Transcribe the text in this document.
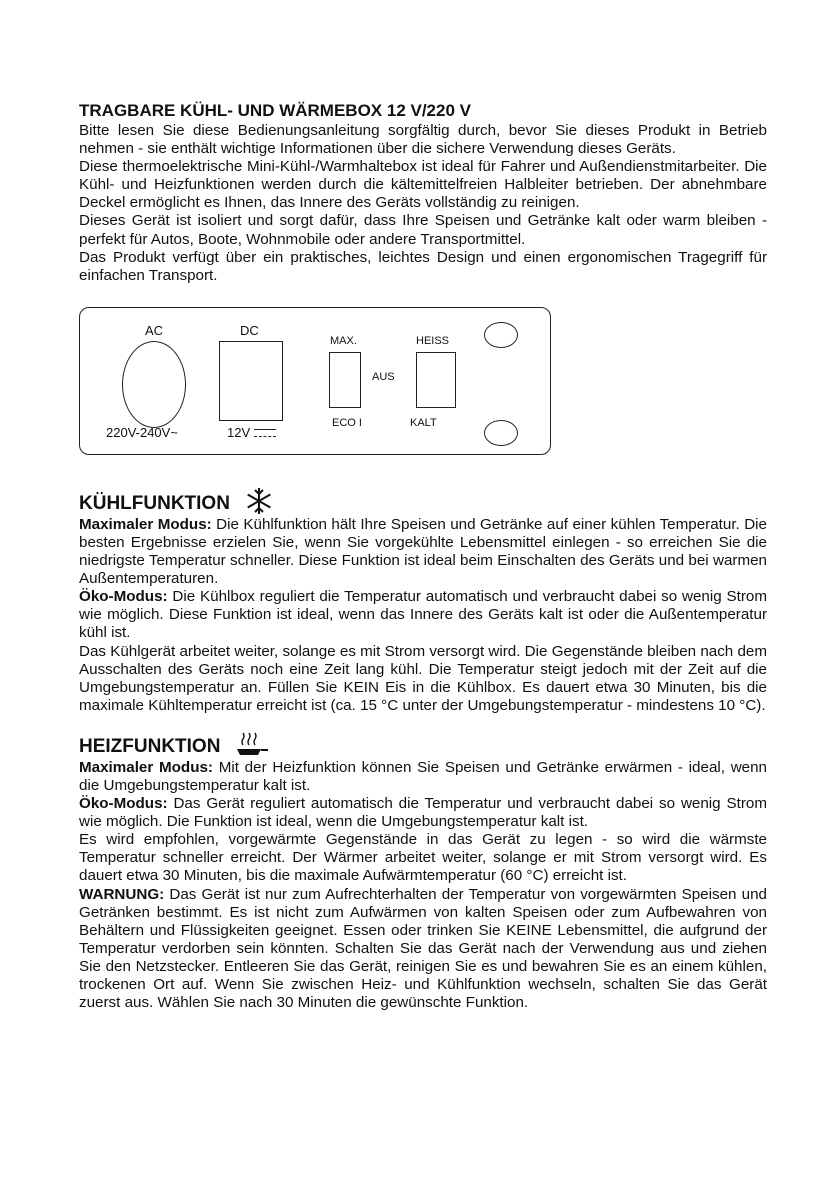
TRAGBARE KÜHL- UND WÄRMEBOX 12 V/220 V

Bitte lesen Sie diese Bedienungsanleitung sorgfältig durch, bevor Sie dieses Produkt in Betrieb nehmen - sie enthält wichtige Informationen über die sichere Verwendung dieses Geräts.

Diese thermoelektrische Mini-Kühl-/Warmhaltebox ist ideal für Fahrer und Außendienstmitarbeiter. Die Kühl- und Heizfunktionen werden durch die kältemittelfreien Halbleiter betrieben. Der abnehmbare Deckel ermöglicht es Ihnen, das Innere des Geräts vollständig zu reinigen.

Dieses Gerät ist isoliert und sorgt dafür, dass Ihre Speisen und Getränke kalt oder warm bleiben - perfekt für Autos, Boote, Wohnmobile oder andere Transportmittel.

Das Produkt verfügt über ein praktisches, leichtes Design und einen ergonomischen Tragegriff für einfachen Transport.

AC
220V-240V~
DC
12V
MAX.
AUS
ECO I
HEISS
KALT
KÜHLFUNKTION

Maximaler Modus: Die Kühlfunktion hält Ihre Speisen und Getränke auf einer kühlen Temperatur. Die besten Ergebnisse erzielen Sie, wenn Sie vorgekühlte Lebensmittel einlegen - so erreichen Sie die niedrigste Temperatur schneller. Diese Funktion ist ideal beim Einschalten des Geräts und bei warmen Außentemperaturen.

Öko-Modus: Die Kühlbox reguliert die Temperatur automatisch und verbraucht dabei so wenig Strom wie möglich. Diese Funktion ist ideal, wenn das Innere des Geräts kalt ist oder die Außentemperatur kühl ist.

Das Kühlgerät arbeitet weiter, solange es mit Strom versorgt wird. Die Gegenstände bleiben nach dem Ausschalten des Geräts noch eine Zeit lang kühl. Die Temperatur steigt jedoch mit der Zeit auf die Umgebungstemperatur an. Füllen Sie KEIN Eis in die Kühlbox. Es dauert etwa 30 Minuten, bis die maximale Kühltemperatur erreicht ist (ca. 15 °C unter der Umgebungstemperatur - mindestens 10 °C).

HEIZFUNKTION

Maximaler Modus: Mit der Heizfunktion können Sie Speisen und Getränke erwärmen - ideal, wenn die Umgebungstemperatur kalt ist.

Öko-Modus: Das Gerät reguliert automatisch die Temperatur und verbraucht dabei so wenig Strom wie möglich. Die Funktion ist ideal, wenn die Umgebungstemperatur kalt ist.

Es wird empfohlen, vorgewärmte Gegenstände in das Gerät zu legen - so wird die wärmste Temperatur schneller erreicht. Der Wärmer arbeitet weiter, solange er mit Strom versorgt wird. Es dauert etwa 30 Minuten, bis die maximale Aufwärmtemperatur (60 °C) erreicht ist.

WARNUNG: Das Gerät ist nur zum Aufrechterhalten der Temperatur von vorgewärmten Speisen und Getränken bestimmt. Es ist nicht zum Aufwärmen von kalten Speisen oder zum Aufbewahren von Behältern und Flüssigkeiten geeignet. Essen oder trinken Sie KEINE Lebensmittel, die aufgrund der Temperatur verdorben sein könnten. Schalten Sie das Gerät nach der Verwendung aus und ziehen Sie den Netzstecker. Entleeren Sie das Gerät, reinigen Sie es und bewahren Sie es an einem kühlen, trockenen Ort auf. Wenn Sie zwischen Heiz- und Kühlfunktion wechseln, schalten Sie das Gerät zuerst aus. Wählen Sie nach 30 Minuten die gewünschte Funktion.
